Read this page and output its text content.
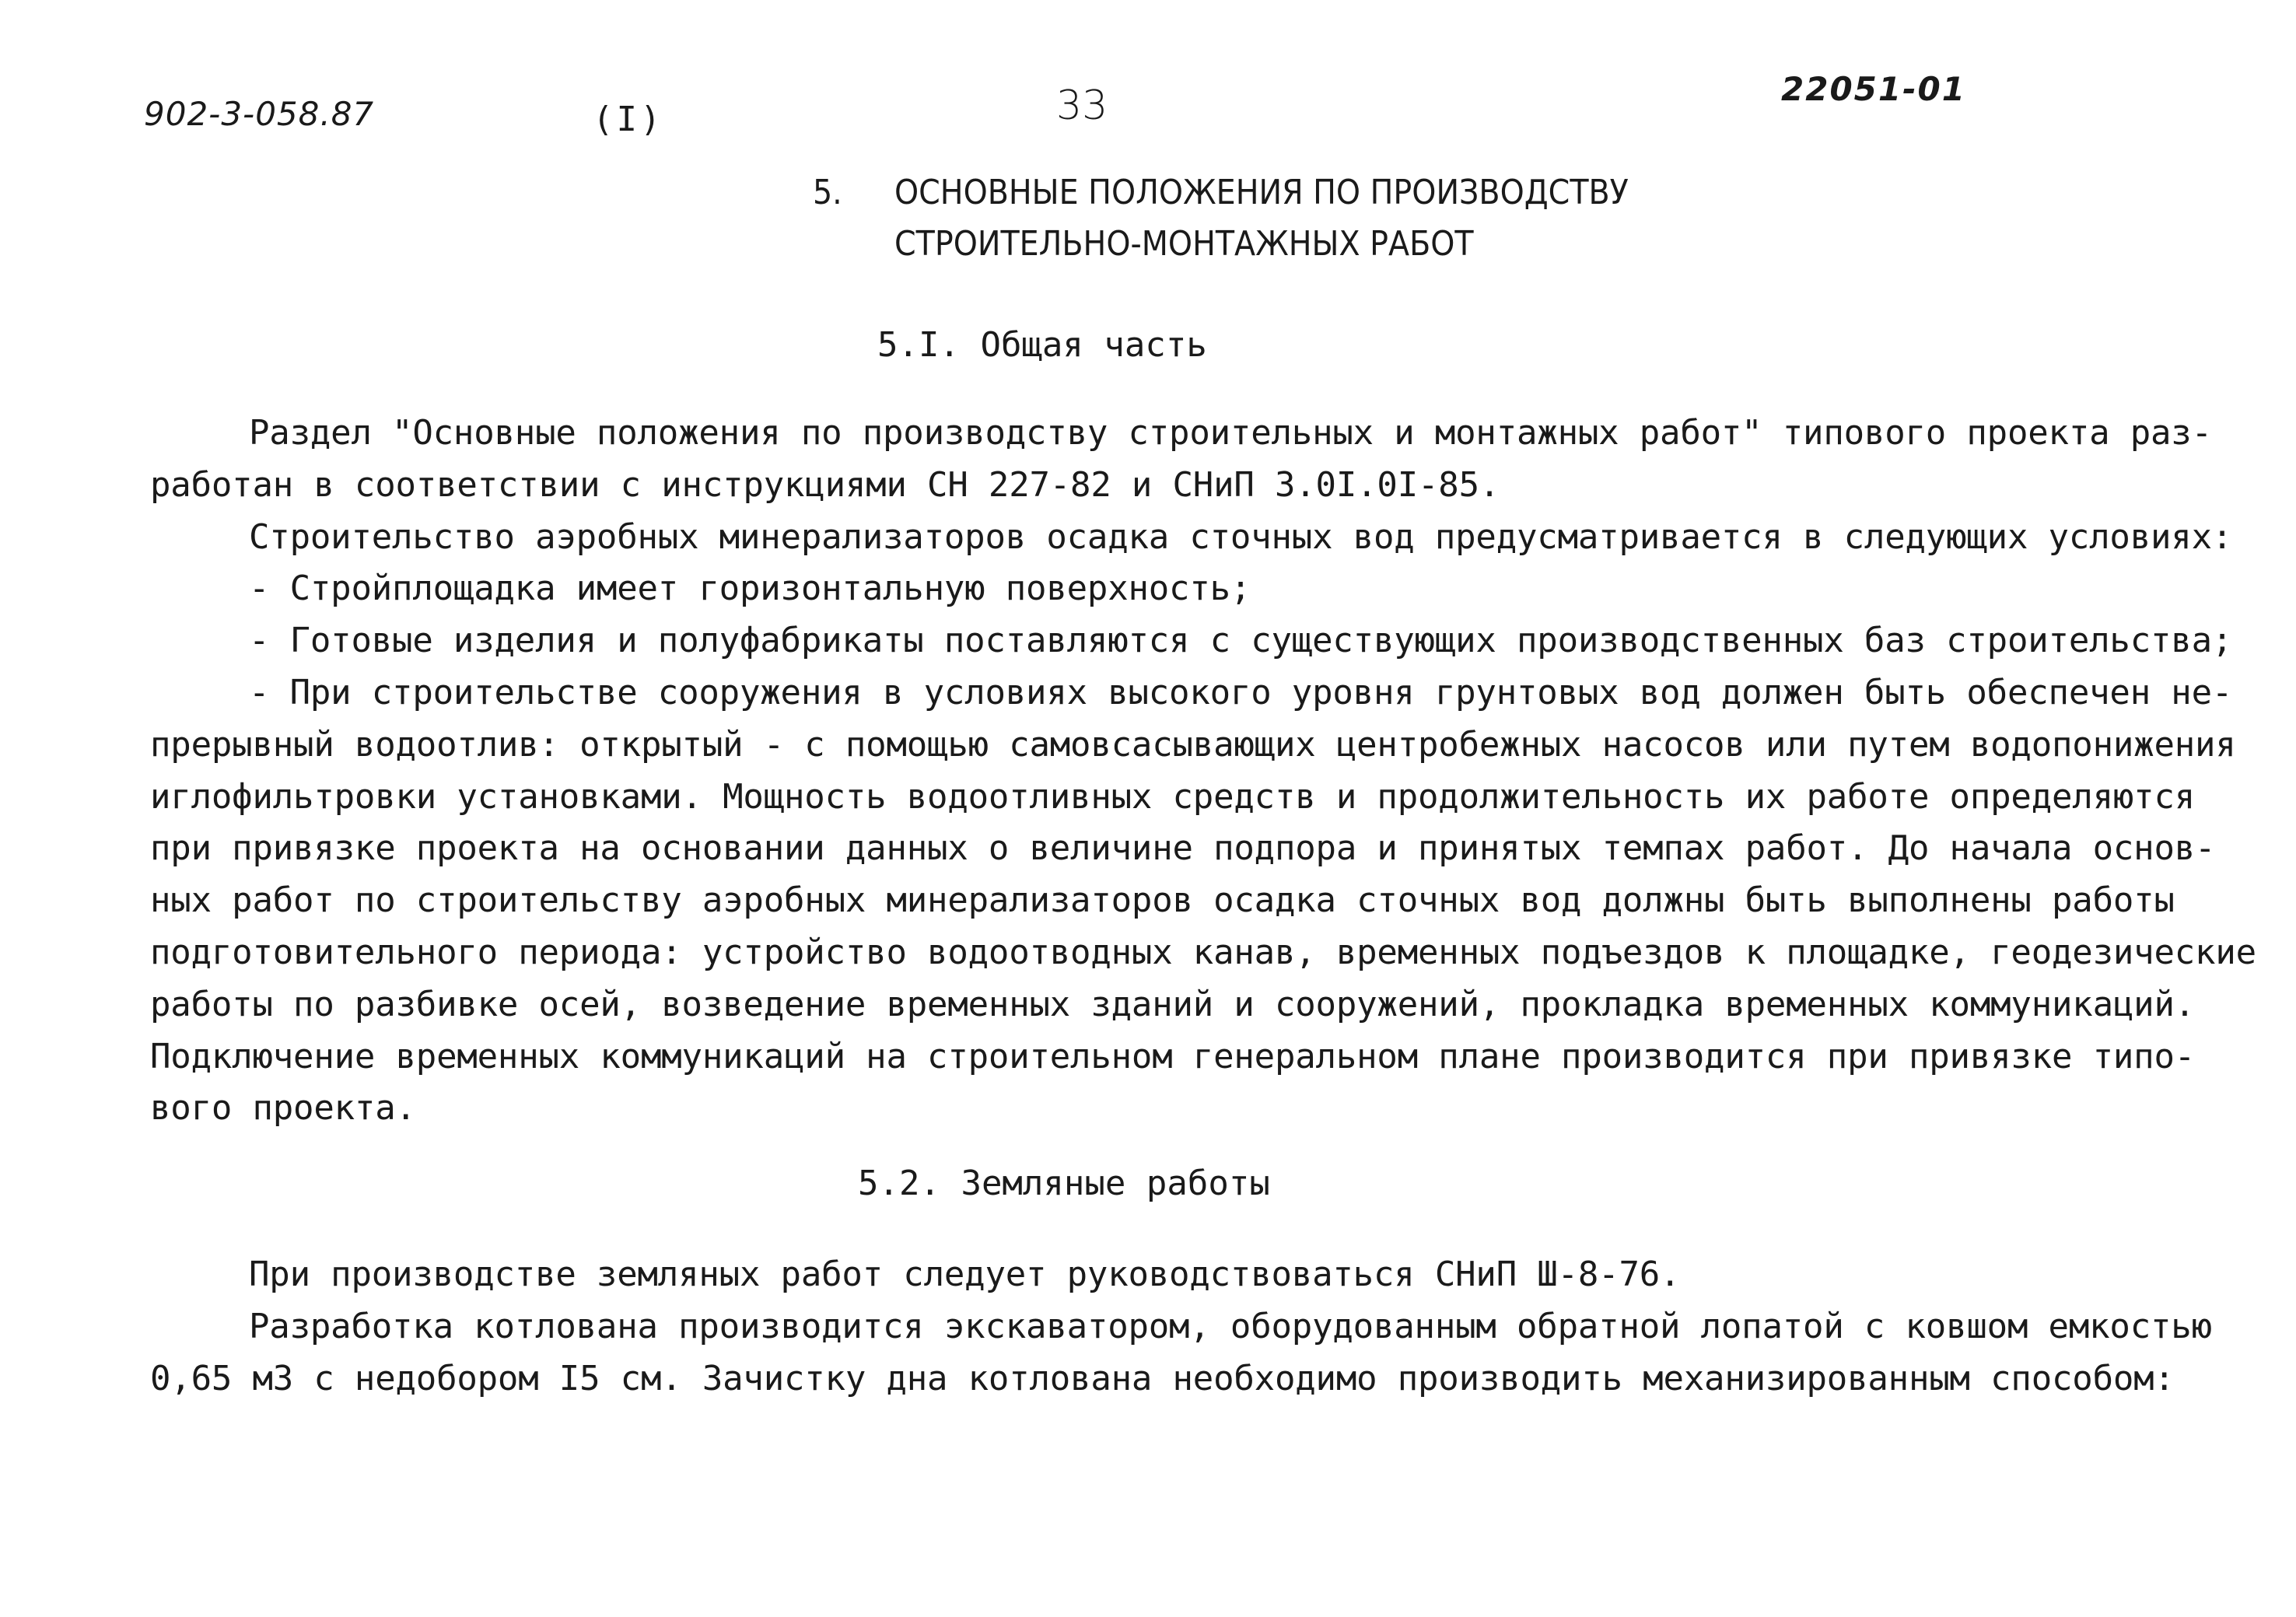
902-3-058.87	(I)	33	22051-01
5. ОСНОВНЫЕ ПОЛОЖЕНИЯ ПО ПРОИЗВОДСТВУ
СТРОИТЕЛЬНО-МОНТАЖНЫХ РАБОТ
5.I. Общая часть
Раздел "Основные положения по производству строительных и монтажных работ" типового проекта раз-
работан в соответствии с инструкциями СН 227-82 и СНиП 3.0I.0I-85.
Строительство аэробных минерализаторов осадка сточных вод предусматривается в следующих условиях:
- Стройплощадка имеет горизонтальную поверхность;
- Готовые изделия и полуфабрикаты поставляются с существующих производственных баз строительства;
- При строительстве сооружения в условиях высокого уровня грунтовых вод должен быть обеспечен не-
прерывный водоотлив: открытый - с помощью самовсасывающих центробежных насосов или путем водопонижения
иглофильтровки установками. Мощность водоотливных средств и продолжительность их работе определяются
при привязке проекта на основании данных о величине подпора и принятых темпах работ. До начала основ-
ных работ по строительству аэробных минерализаторов осадка сточных вод должны быть выполнены работы
подготовительного периода: устройство водоотводных канав, временных подъездов к площадке, геодезические
работы по разбивке осей, возведение временных зданий и сооружений, прокладка временных коммуникаций.
Подключение временных коммуникаций на строительном генеральном плане производится при привязке типо-
вого проекта.
5.2. Земляные работы
При производстве земляных работ следует руководствоваться СНиП Ш-8-76.
Разработка котлована производится экскаватором, оборудованным обратной лопатой с ковшом емкостью
0,65 м3 с недобором I5 см. Зачистку дна котлована необходимо производить механизированным способом:
